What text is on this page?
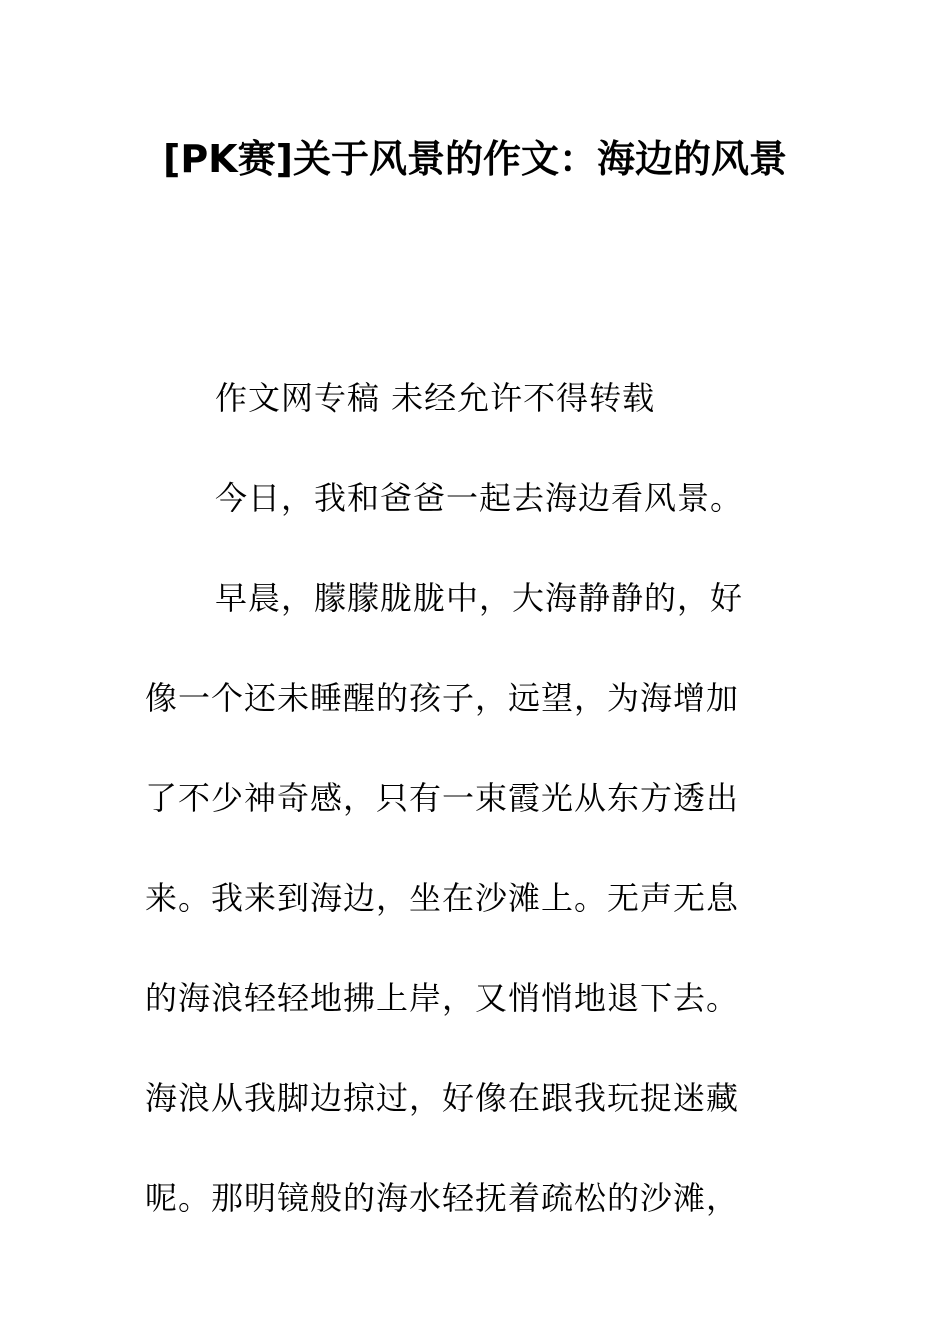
[PK赛]关于风景的作文：海边的风景

作文网专稿 未经允许不得转载

今日，我和爸爸一起去海边看风景。

早晨，朦朦胧胧中，大海静静的，好

像一个还未睡醒的孩子，远望，为海增加

了不少神奇感，只有一束霞光从东方透出

来。我来到海边，坐在沙滩上。无声无息

的海浪轻轻地拂上岸，又悄悄地退下去。

海浪从我脚边掠过，好像在跟我玩捉迷藏

呢。那明镜般的海水轻抚着疏松的沙滩，
